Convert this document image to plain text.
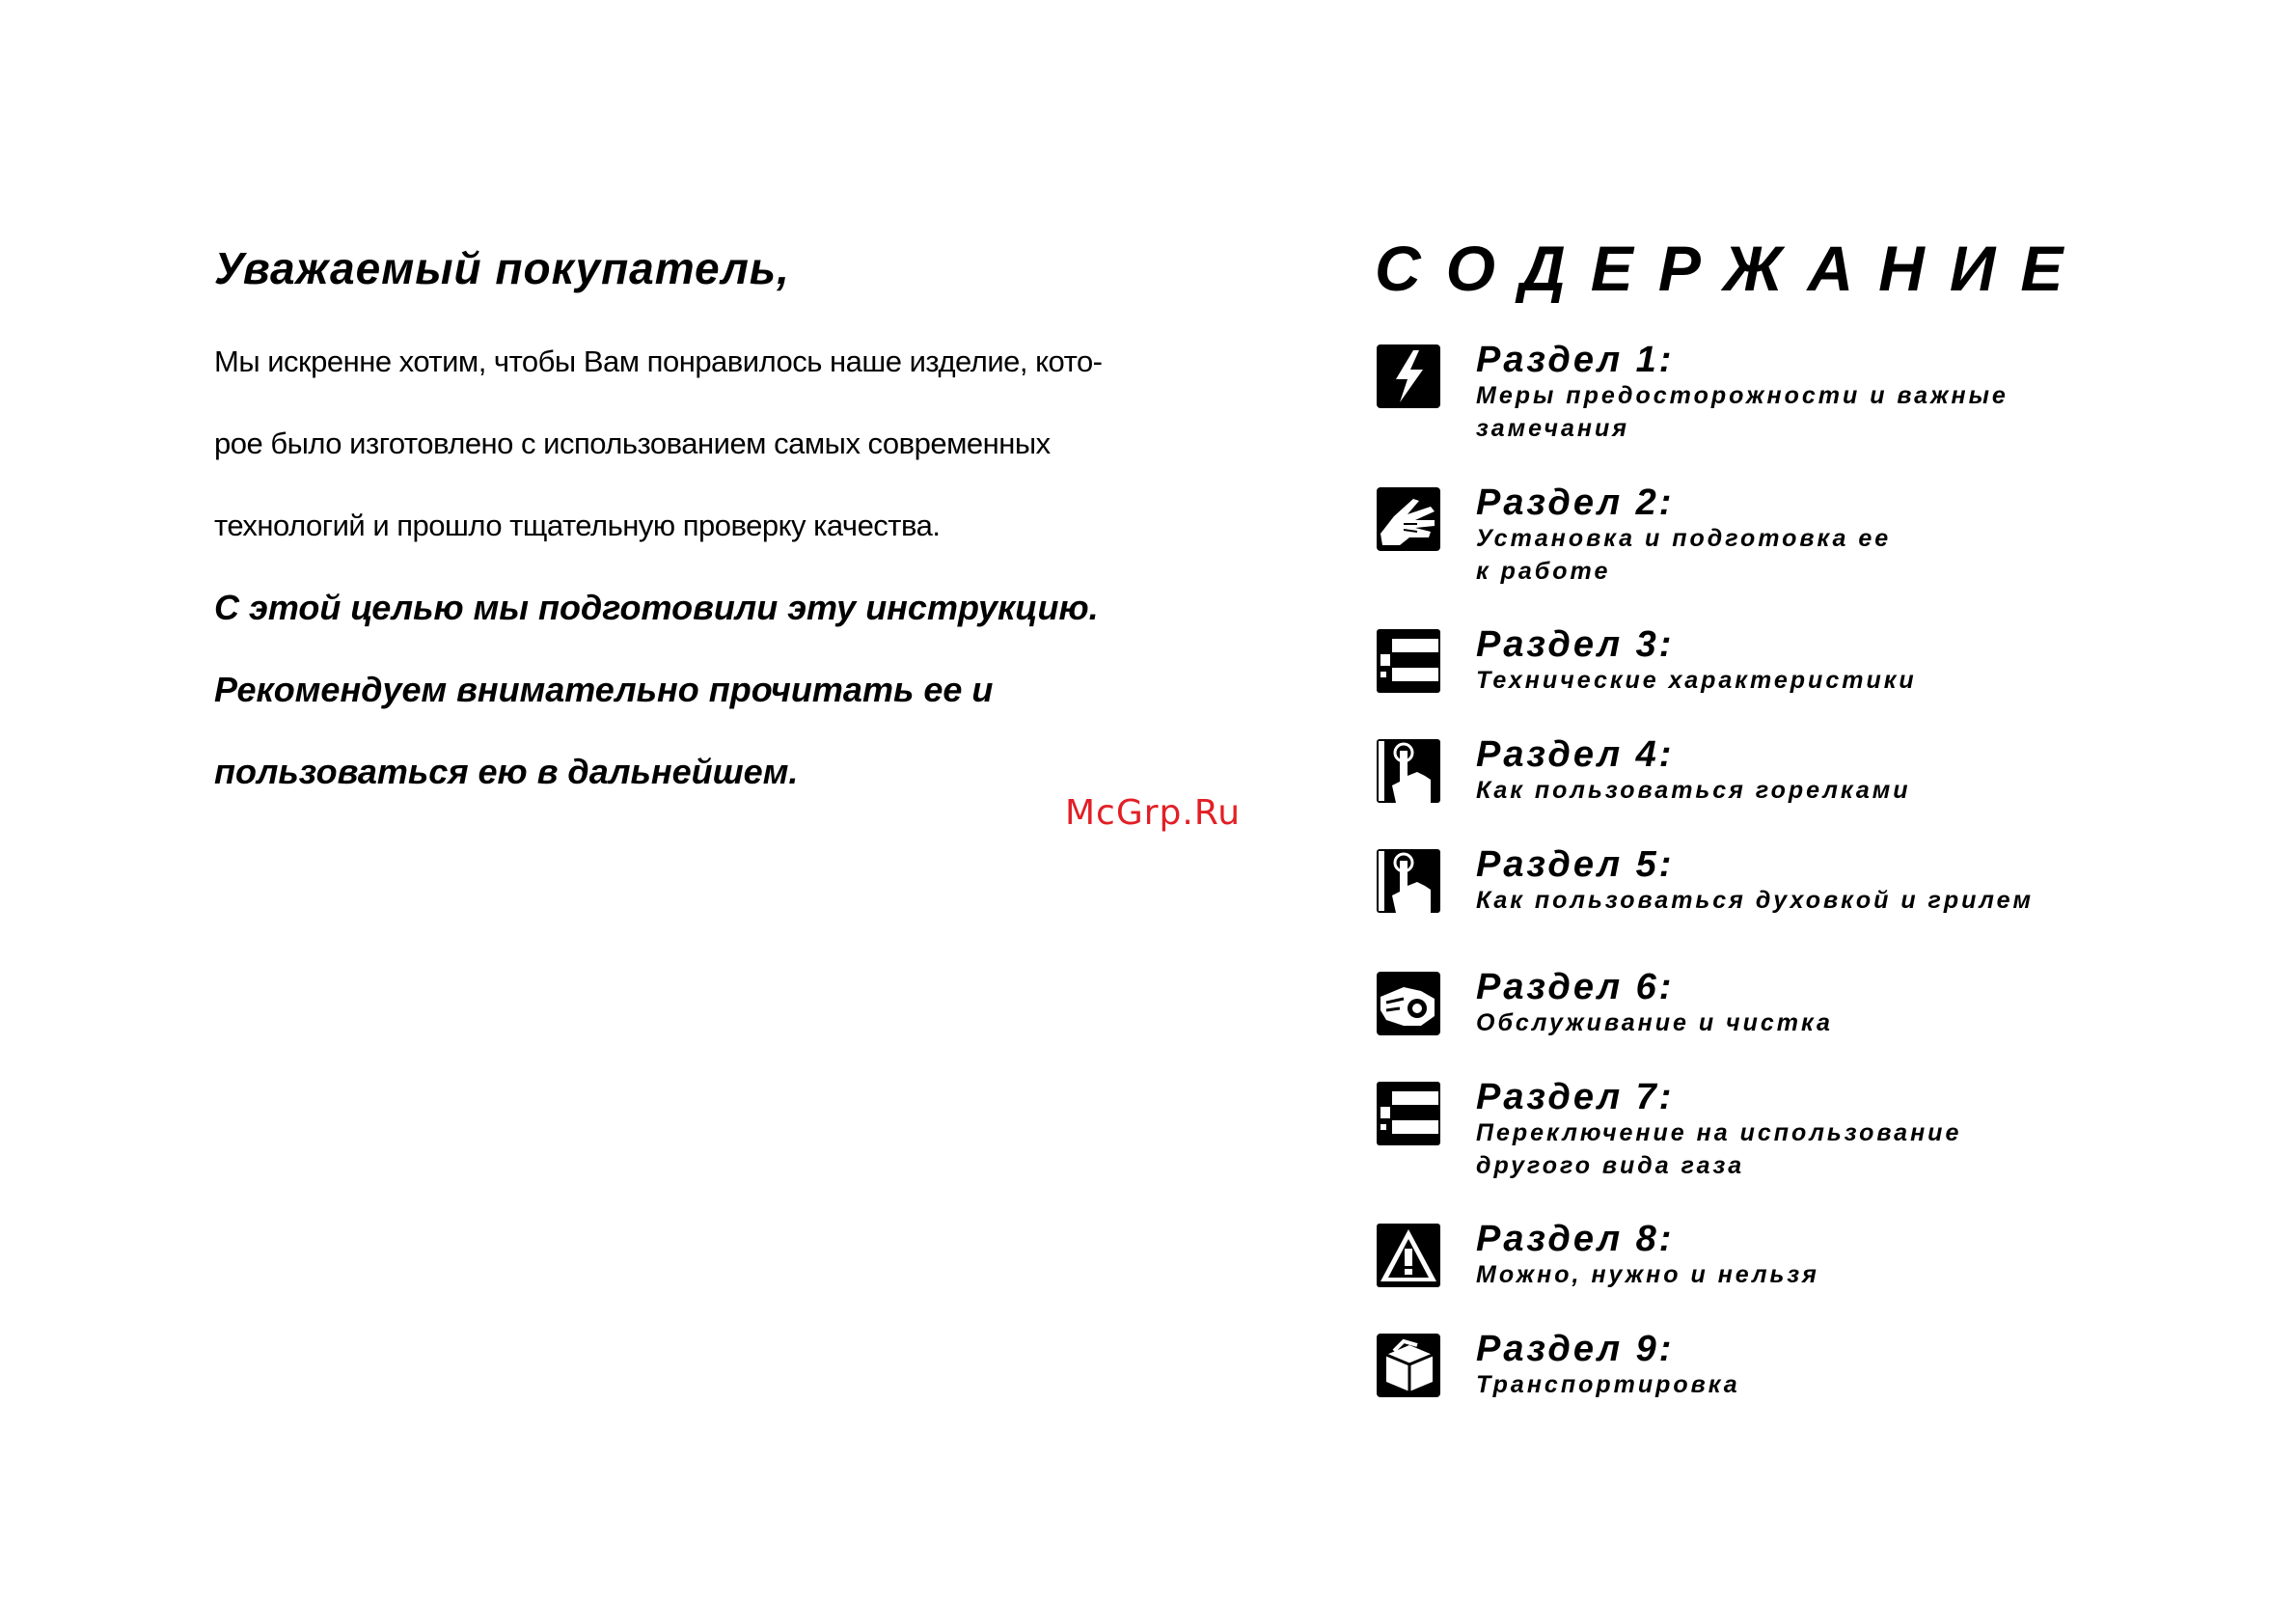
Уважаемый покупатель,
Мы искренне хотим, чтобы Вам понравилось наше изделие, кото-
рое было изготовлено с использованием самых современных
технологий и прошло тщательную проверку качества.
С этой целью мы подготовили эту инструкцию.
Рекомендуем внимательно прочитать ее и
пользоваться ею в дальнейшем.
McGrp.Ru
СОДЕРЖАНИЕ
Раздел 1:
Меры предосторожности и важные
замечания
Раздел 2:
Установка и подготовка ее
к работе
Раздел 3:
Технические характеристики
Раздел 4:
Как пользоваться горелками
Раздел 5:
Как пользоваться духовкой и грилем
Раздел 6:
Обслуживание и чистка
Раздел 7:
Переключение на использование
другого вида газа
Раздел 8:
Можно, нужно и нельзя
Раздел 9:
Транспортировка
